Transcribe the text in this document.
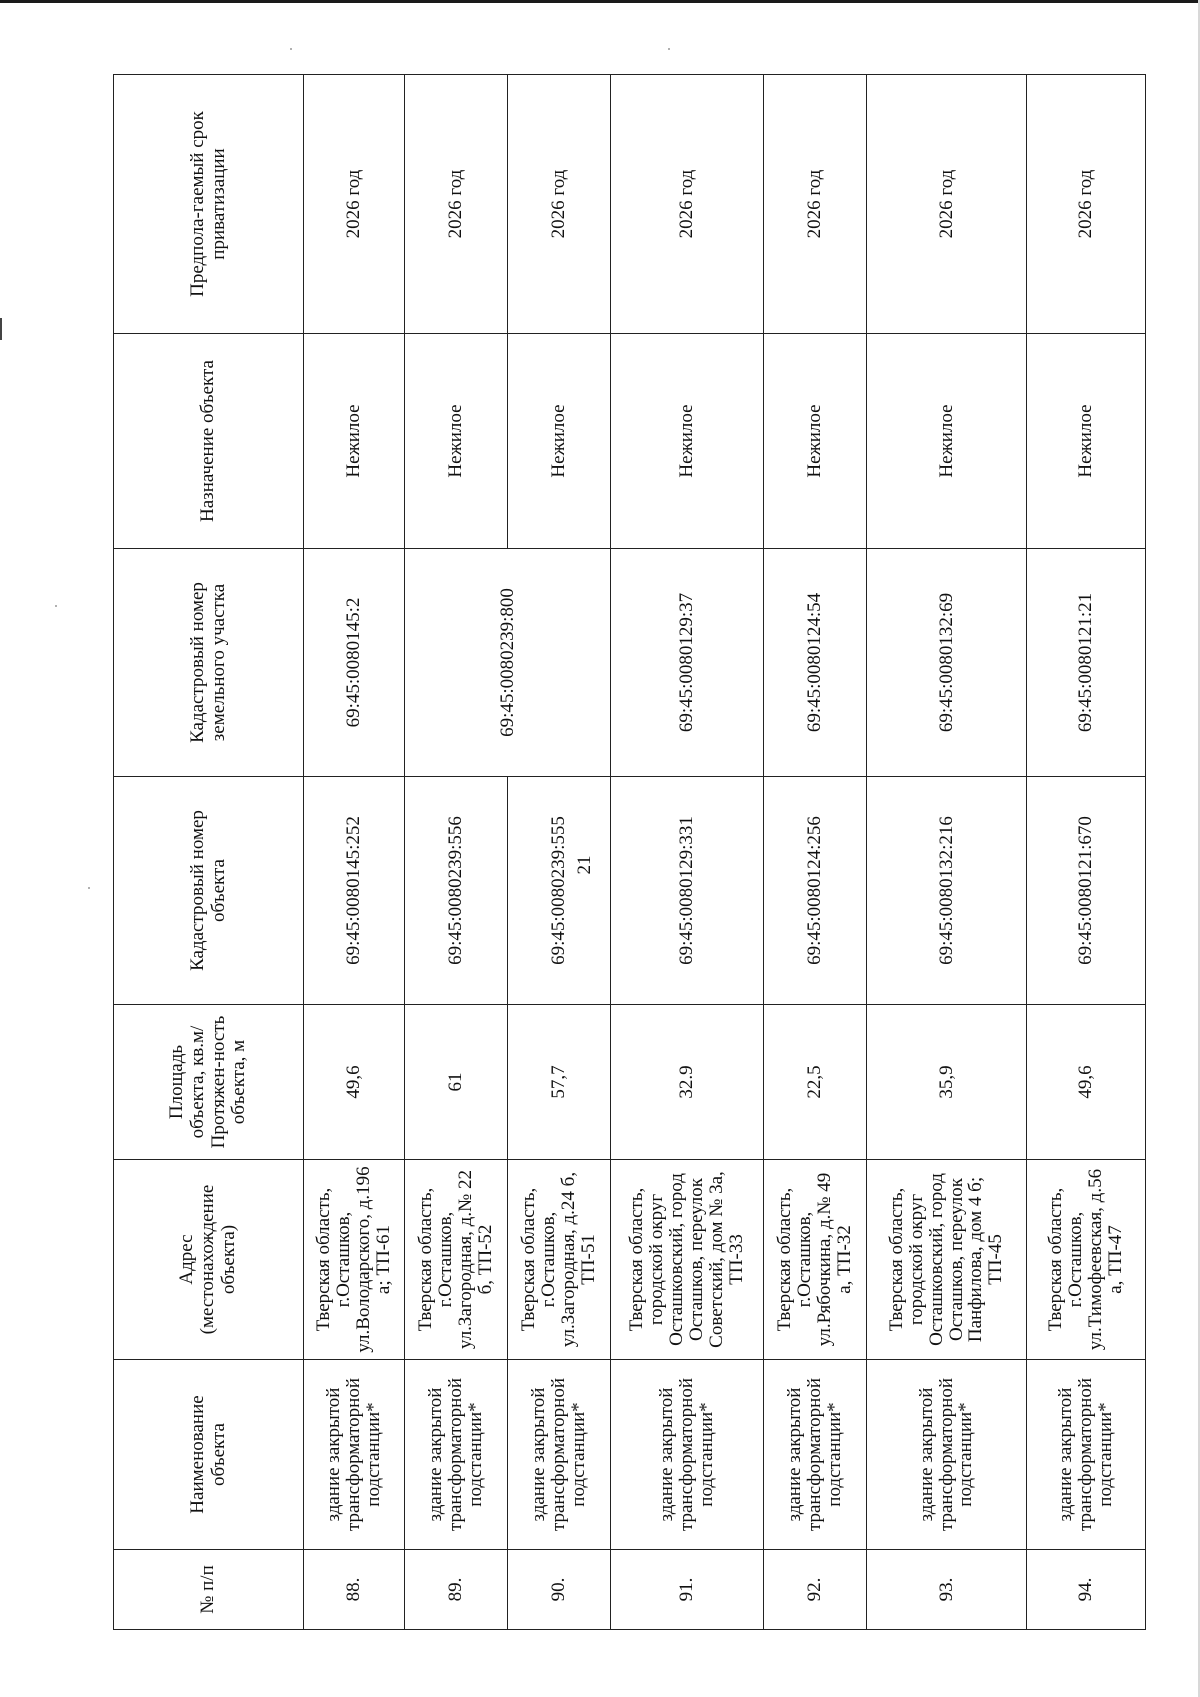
21
№ п/п	Наименование объекта	Адрес (местонахождение объекта)	Площадь объекта, кв.м/ Протяжен-ность объекта, м	Кадастровый номер объекта	Кадастровый номер земельного участка	Назначение объекта	Предпола-гаемый срок приватизации
88.	здание закрытой трансформаторной подстанции*	Тверская область, г.Осташков, ул.Володарского, д.196 а; ТП-61	49,6	69:45:0080145:252	69:45:0080145:2	Нежилое	2026 год
89.	здание закрытой трансформаторной подстанции*	Тверская область, г.Осташков, ул.Загородная, д.№ 22 б, ТП-52	61	69:45:0080239:556	69:45:0080239:800	Нежилое	2026 год
90.	здание закрытой трансформаторной подстанции*	Тверская область, г.Осташков, ул.Загородная, д.24 б, ТП-51	57,7	69:45:0080239:555		Нежилое	2026 год
91.	здание закрытой трансформаторной подстанции*	Тверская область, городской округ Осташковский, город Осташков, переулок Советский, дом № 3а, ТП-33	32.9	69:45:0080129:331	69:45:0080129:37	Нежилое	2026 год
92.	здание закрытой трансформаторной подстанции*	Тверская область, г.Осташков, ул.Рябочкина, д.№ 49 а, ТП-32	22,5	69:45:0080124:256	69:45:0080124:54	Нежилое	2026 год
93.	здание закрытой трансформаторной подстанции*	Тверская область, городской округ Осташковский, город Осташков, переулок Панфилова, дом 4 б; ТП-45	35,9	69:45:0080132:216	69:45:0080132:69	Нежилое	2026 год
94.	здание закрытой трансформаторной подстанции*	Тверская область, г.Осташков, ул.Тимофеевская, д.56 а, ТП-47	49,6	69:45:0080121:670	69:45:0080121:21	Нежилое	2026 год
